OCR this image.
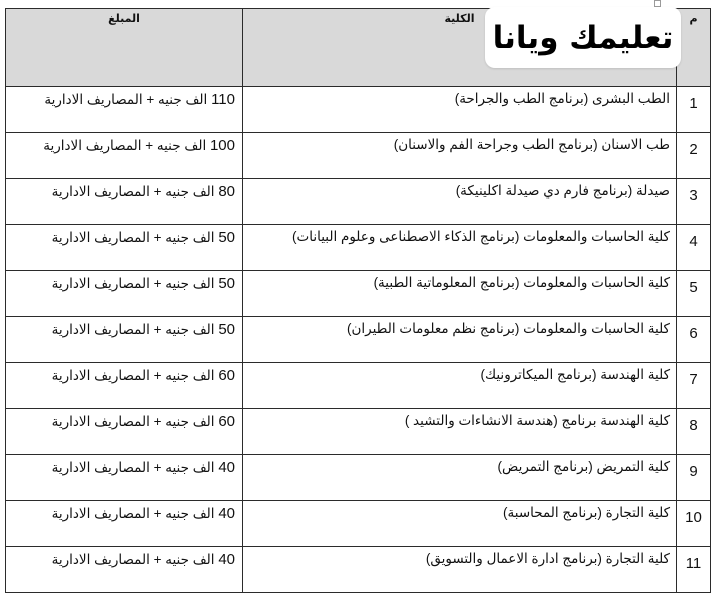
م	الكلية	المبلغ
1	الطب البشرى (برنامج الطب والجراحة)	110 الف جنيه + المصاريف الادارية
2	طب الاسنان (برنامج الطب وجراحة الفم والاسنان)	100 الف جنيه + المصاريف الادارية
3	صيدلة (برنامج فارم دي صيدلة اكلينيكة)	80 الف جنيه + المصاريف الادارية
4	كلية الحاسبات والمعلومات (برنامج الذكاء الاصطناعى وعلوم البيانات)	50 الف جنيه + المصاريف الادارية
5	كلية الحاسبات والمعلومات (برنامج المعلوماتية الطبية)	50 الف جنيه + المصاريف الادارية
6	كلية الحاسبات والمعلومات (برنامج نظم معلومات الطيران)	50 الف جنيه + المصاريف الادارية
7	كلية الهندسة (برنامج الميكاترونيك)	60 الف جنيه + المصاريف الادارية
8	كلية الهندسة برنامج (هندسة الانشاءات والتشيد )	60 الف جنيه + المصاريف الادارية
9	كلية التمريض (برنامج التمريض)	40 الف جنيه + المصاريف الادارية
10	كلية التجارة (برنامج المحاسبة)	40 الف جنيه + المصاريف الادارية
11	كلية التجارة (برنامج ادارة الاعمال والتسويق)	40 الف جنيه + المصاريف الادارية
تعليمك ويانا
